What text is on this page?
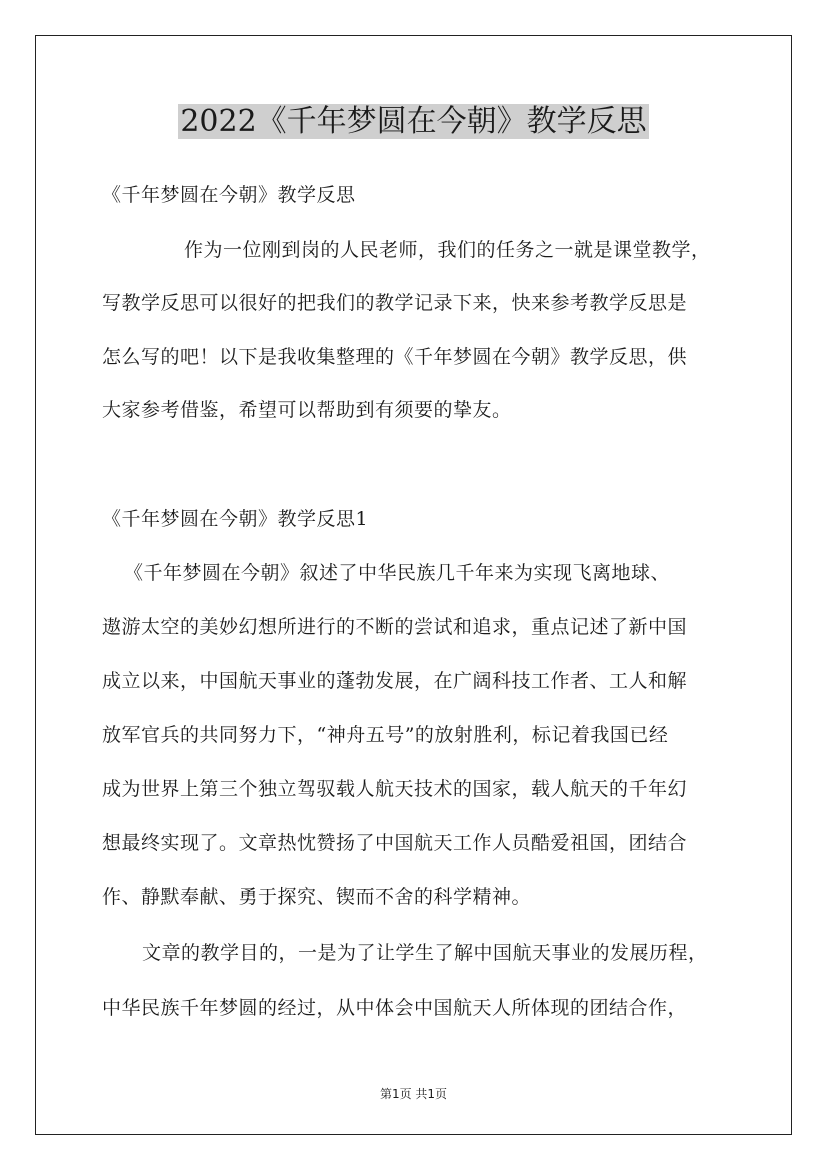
2022《千年梦圆在今朝》教学反思
《千年梦圆在今朝》教学反思
作为一位刚到岗的人民老师，我们的任务之一就是课堂教学，
写教学反思可以很好的把我们的教学记录下来，快来参考教学反思是
怎么写的吧！以下是我收集整理的《千年梦圆在今朝》教学反思，供
大家参考借鉴，希望可以帮助到有须要的挚友。
《千年梦圆在今朝》教学反思1
《千年梦圆在今朝》叙述了中华民族几千年来为实现飞离地球、
遨游太空的美妙幻想所进行的不断的尝试和追求，重点记述了新中国
成立以来，中国航天事业的蓬勃发展，在广阔科技工作者、工人和解
放军官兵的共同努力下，“神舟五号”的放射胜利，标记着我国已经
成为世界上第三个独立驾驭载人航天技术的国家，载人航天的千年幻
想最终实现了。文章热忱赞扬了中国航天工作人员酷爱祖国，团结合
作、静默奉献、勇于探究、锲而不舍的科学精神。
文章的教学目的，一是为了让学生了解中国航天事业的发展历程，
中华民族千年梦圆的经过，从中体会中国航天人所体现的团结合作，
第1页 共1页
